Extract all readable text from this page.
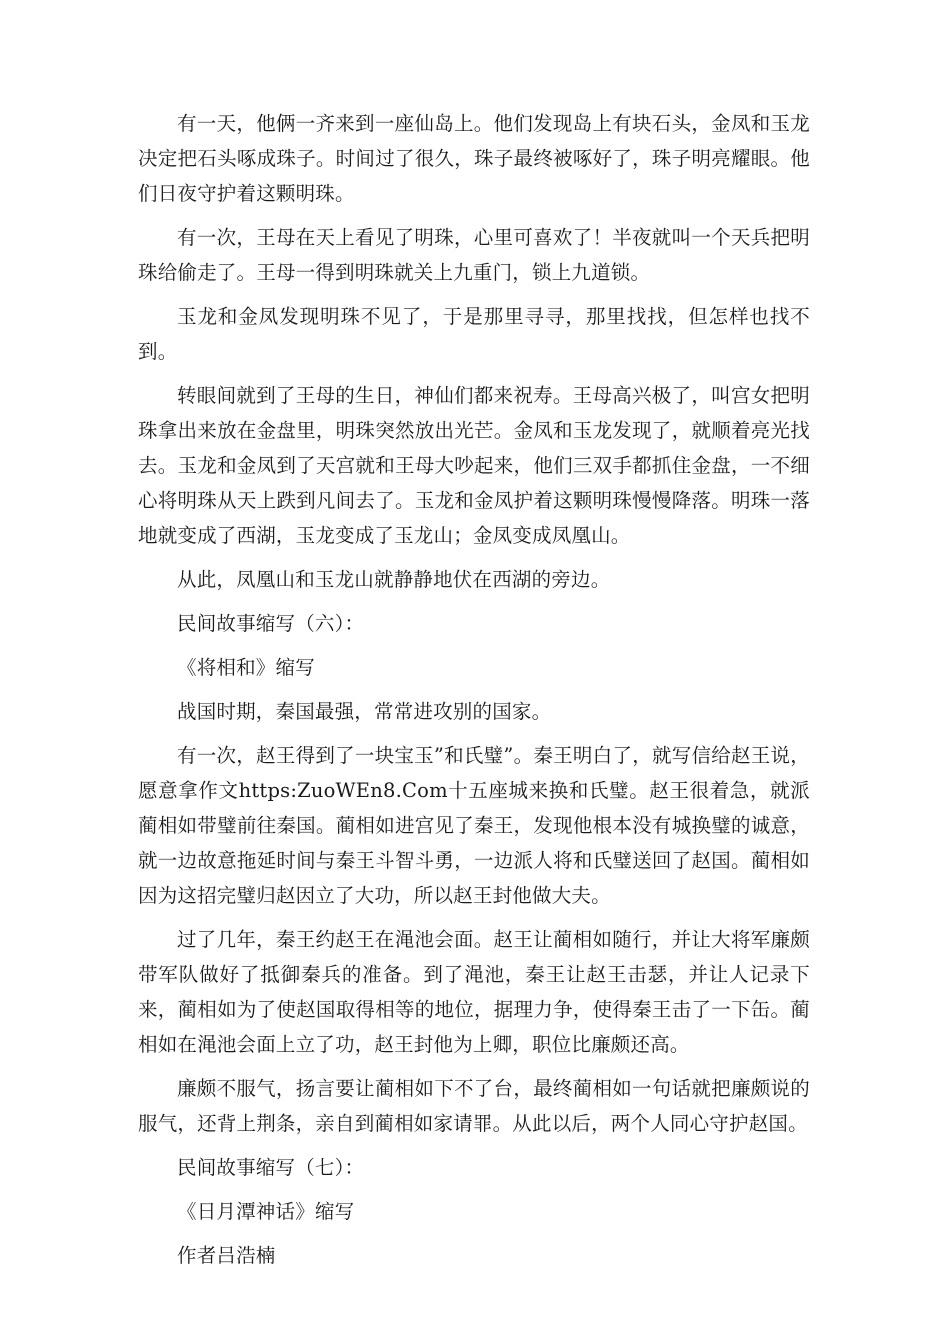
有一天，他俩一齐来到一座仙岛上。他们发现岛上有块石头，金凤和玉龙决定把石头啄成珠子。时间过了很久，珠子最终被啄好了，珠子明亮耀眼。他们日夜守护着这颗明珠。

有一次，王母在天上看见了明珠，心里可喜欢了！半夜就叫一个天兵把明珠给偷走了。王母一得到明珠就关上九重门，锁上九道锁。

玉龙和金凤发现明珠不见了，于是那里寻寻，那里找找，但怎样也找不到。

转眼间就到了王母的生日，神仙们都来祝寿。王母高兴极了，叫宫女把明珠拿出来放在金盘里，明珠突然放出光芒。金凤和玉龙发现了，就顺着亮光找去。玉龙和金凤到了天宫就和王母大吵起来，他们三双手都抓住金盘，一不细心将明珠从天上跌到凡间去了。玉龙和金凤护着这颗明珠慢慢降落。明珠一落地就变成了西湖，玉龙变成了玉龙山；金凤变成凤凰山。

从此，凤凰山和玉龙山就静静地伏在西湖的旁边。

民间故事缩写（六）：

《将相和》缩写

战国时期，秦国最强，常常进攻别的国家。

有一次，赵王得到了一块宝玉”和氏璧”。秦王明白了，就写信给赵王说，愿意拿作文https:ZuoWEn8.Com十五座城来换和氏璧。赵王很着急，就派蔺相如带璧前往秦国。蔺相如进宫见了秦王，发现他根本没有城换璧的诚意，就一边故意拖延时间与秦王斗智斗勇，一边派人将和氏璧送回了赵国。蔺相如因为这招完璧归赵因立了大功，所以赵王封他做大夫。

过了几年，秦王约赵王在渑池会面。赵王让蔺相如随行，并让大将军廉颇带军队做好了抵御秦兵的准备。到了渑池，秦王让赵王击瑟，并让人记录下来，蔺相如为了使赵国取得相等的地位，据理力争，使得秦王击了一下缶。蔺相如在渑池会面上立了功，赵王封他为上卿，职位比廉颇还高。

廉颇不服气，扬言要让蔺相如下不了台，最终蔺相如一句话就把廉颇说的服气，还背上荆条，亲自到蔺相如家请罪。从此以后，两个人同心守护赵国。

民间故事缩写（七）：

《日月潭神话》缩写

作者吕浩楠
